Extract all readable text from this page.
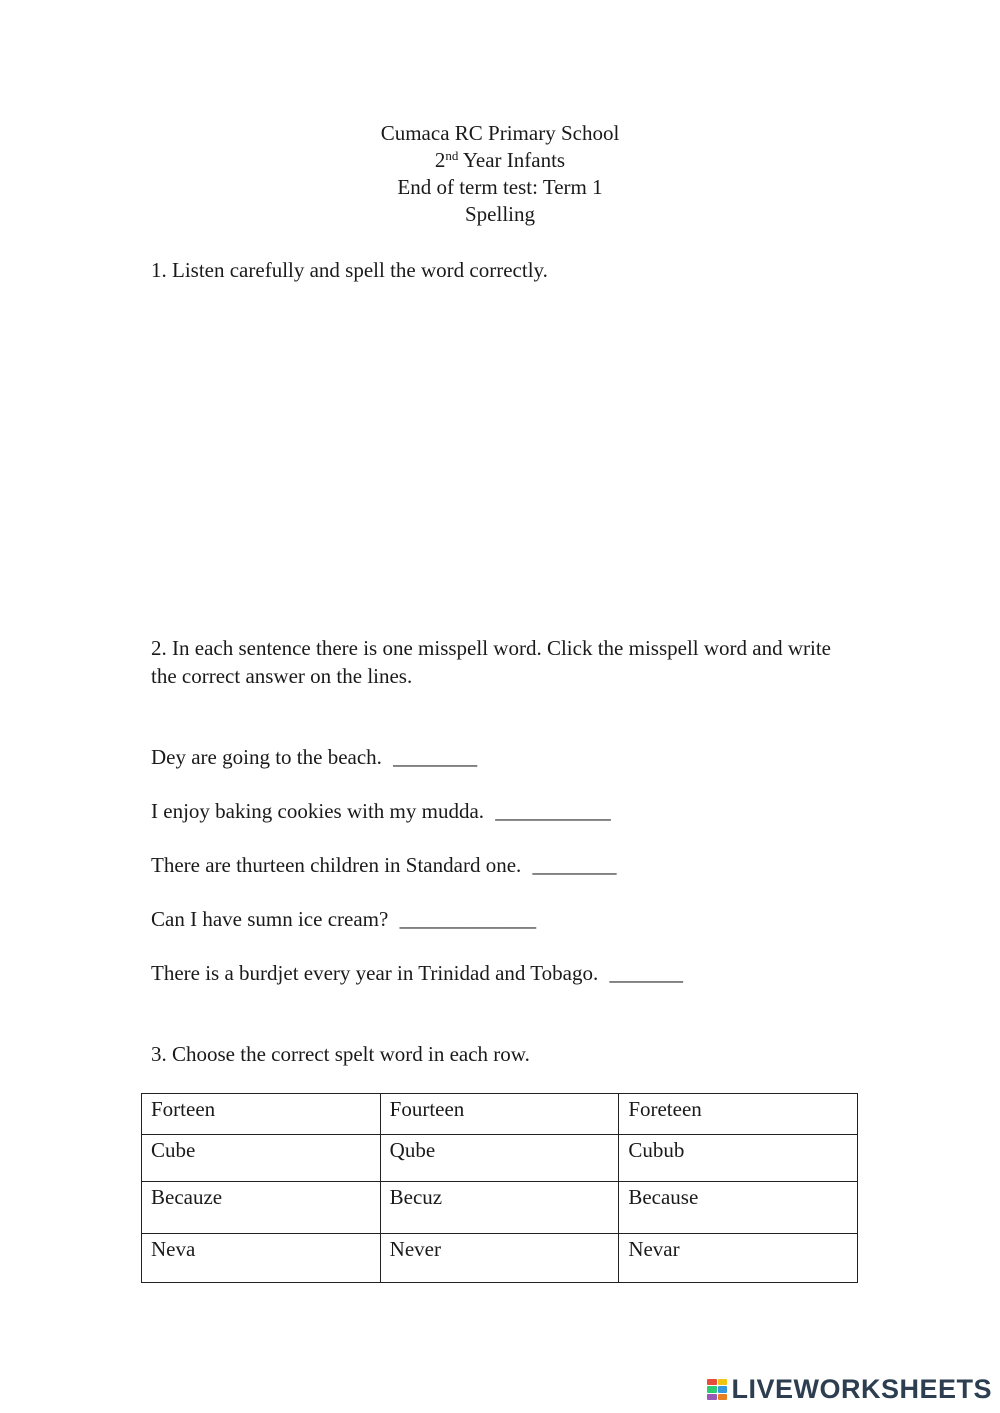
Cumaca RC Primary School
2nd Year Infants
End of term test: Term 1
Spelling
1. Listen carefully and spell the word correctly.
2. In each sentence there is one misspell word. Click the misspell word and write the correct answer on the lines.
Dey are going to the beach. ________
I enjoy baking cookies with my mudda. ___________
There are thurteen children in Standard one. ________
Can I have sumn ice cream? _____________
There is a burdjet every year in Trinidad and Tobago. _______
3. Choose the correct spelt word in each row.
Forteen	Fourteen	Foreteen
Cube	Qube	Cubub
Becauze	Becuz	Because
Neva	Never	Nevar
LIVEWORKSHEETS
